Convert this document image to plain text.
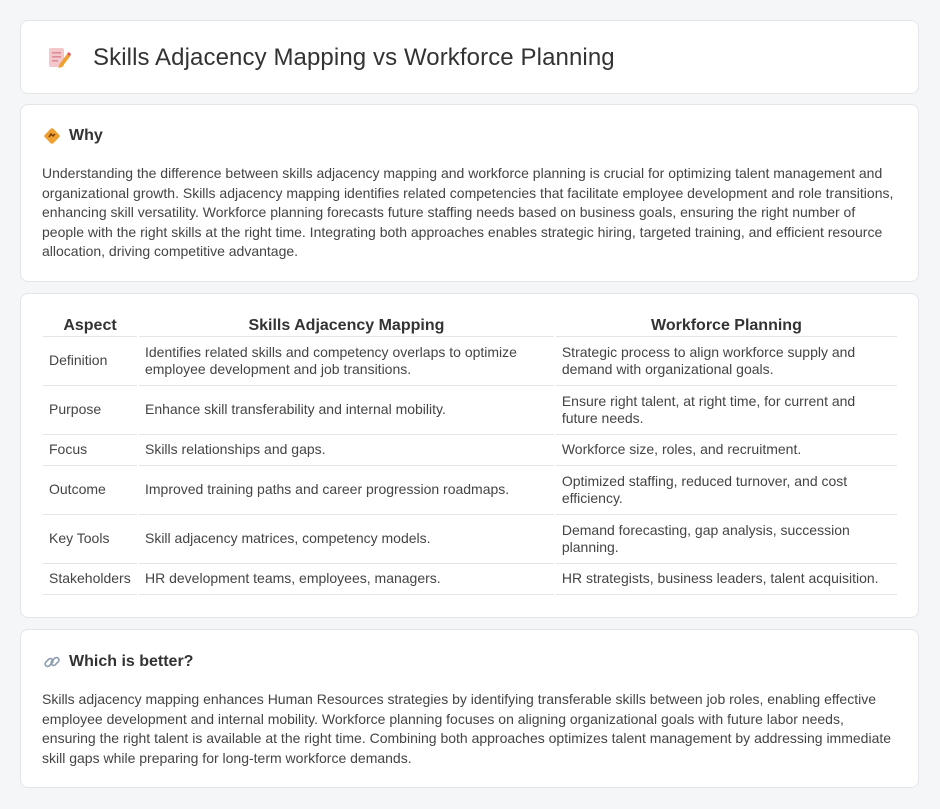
Skills Adjacency Mapping vs Workforce Planning
Why

Understanding the difference between skills adjacency mapping and workforce planning is crucial for optimizing talent management and organizational growth. Skills adjacency mapping identifies related competencies that facilitate employee development and role transitions, enhancing skill versatility. Workforce planning forecasts future staffing needs based on business goals, ensuring the right number of people with the right skills at the right time. Integrating both approaches enables strategic hiring, targeted training, and efficient resource allocation, driving competitive advantage.

Aspect	Skills Adjacency Mapping	Workforce Planning
Definition	Identifies related skills and competency overlaps to optimize employee development and job transitions.	Strategic process to align workforce supply and demand with organizational goals.
Purpose	Enhance skill transferability and internal mobility.	Ensure right talent, at right time, for current and future needs.
Focus	Skills relationships and gaps.	Workforce size, roles, and recruitment.
Outcome	Improved training paths and career progression roadmaps.	Optimized staffing, reduced turnover, and cost efficiency.
Key Tools	Skill adjacency matrices, competency models.	Demand forecasting, gap analysis, succession planning.
Stakeholders	HR development teams, employees, managers.	HR strategists, business leaders, talent acquisition.
Which is better?

Skills adjacency mapping enhances Human Resources strategies by identifying transferable skills between job roles, enabling effective employee development and internal mobility. Workforce planning focuses on aligning organizational goals with future labor needs, ensuring the right talent is available at the right time. Combining both approaches optimizes talent management by addressing immediate skill gaps while preparing for long-term workforce demands.
